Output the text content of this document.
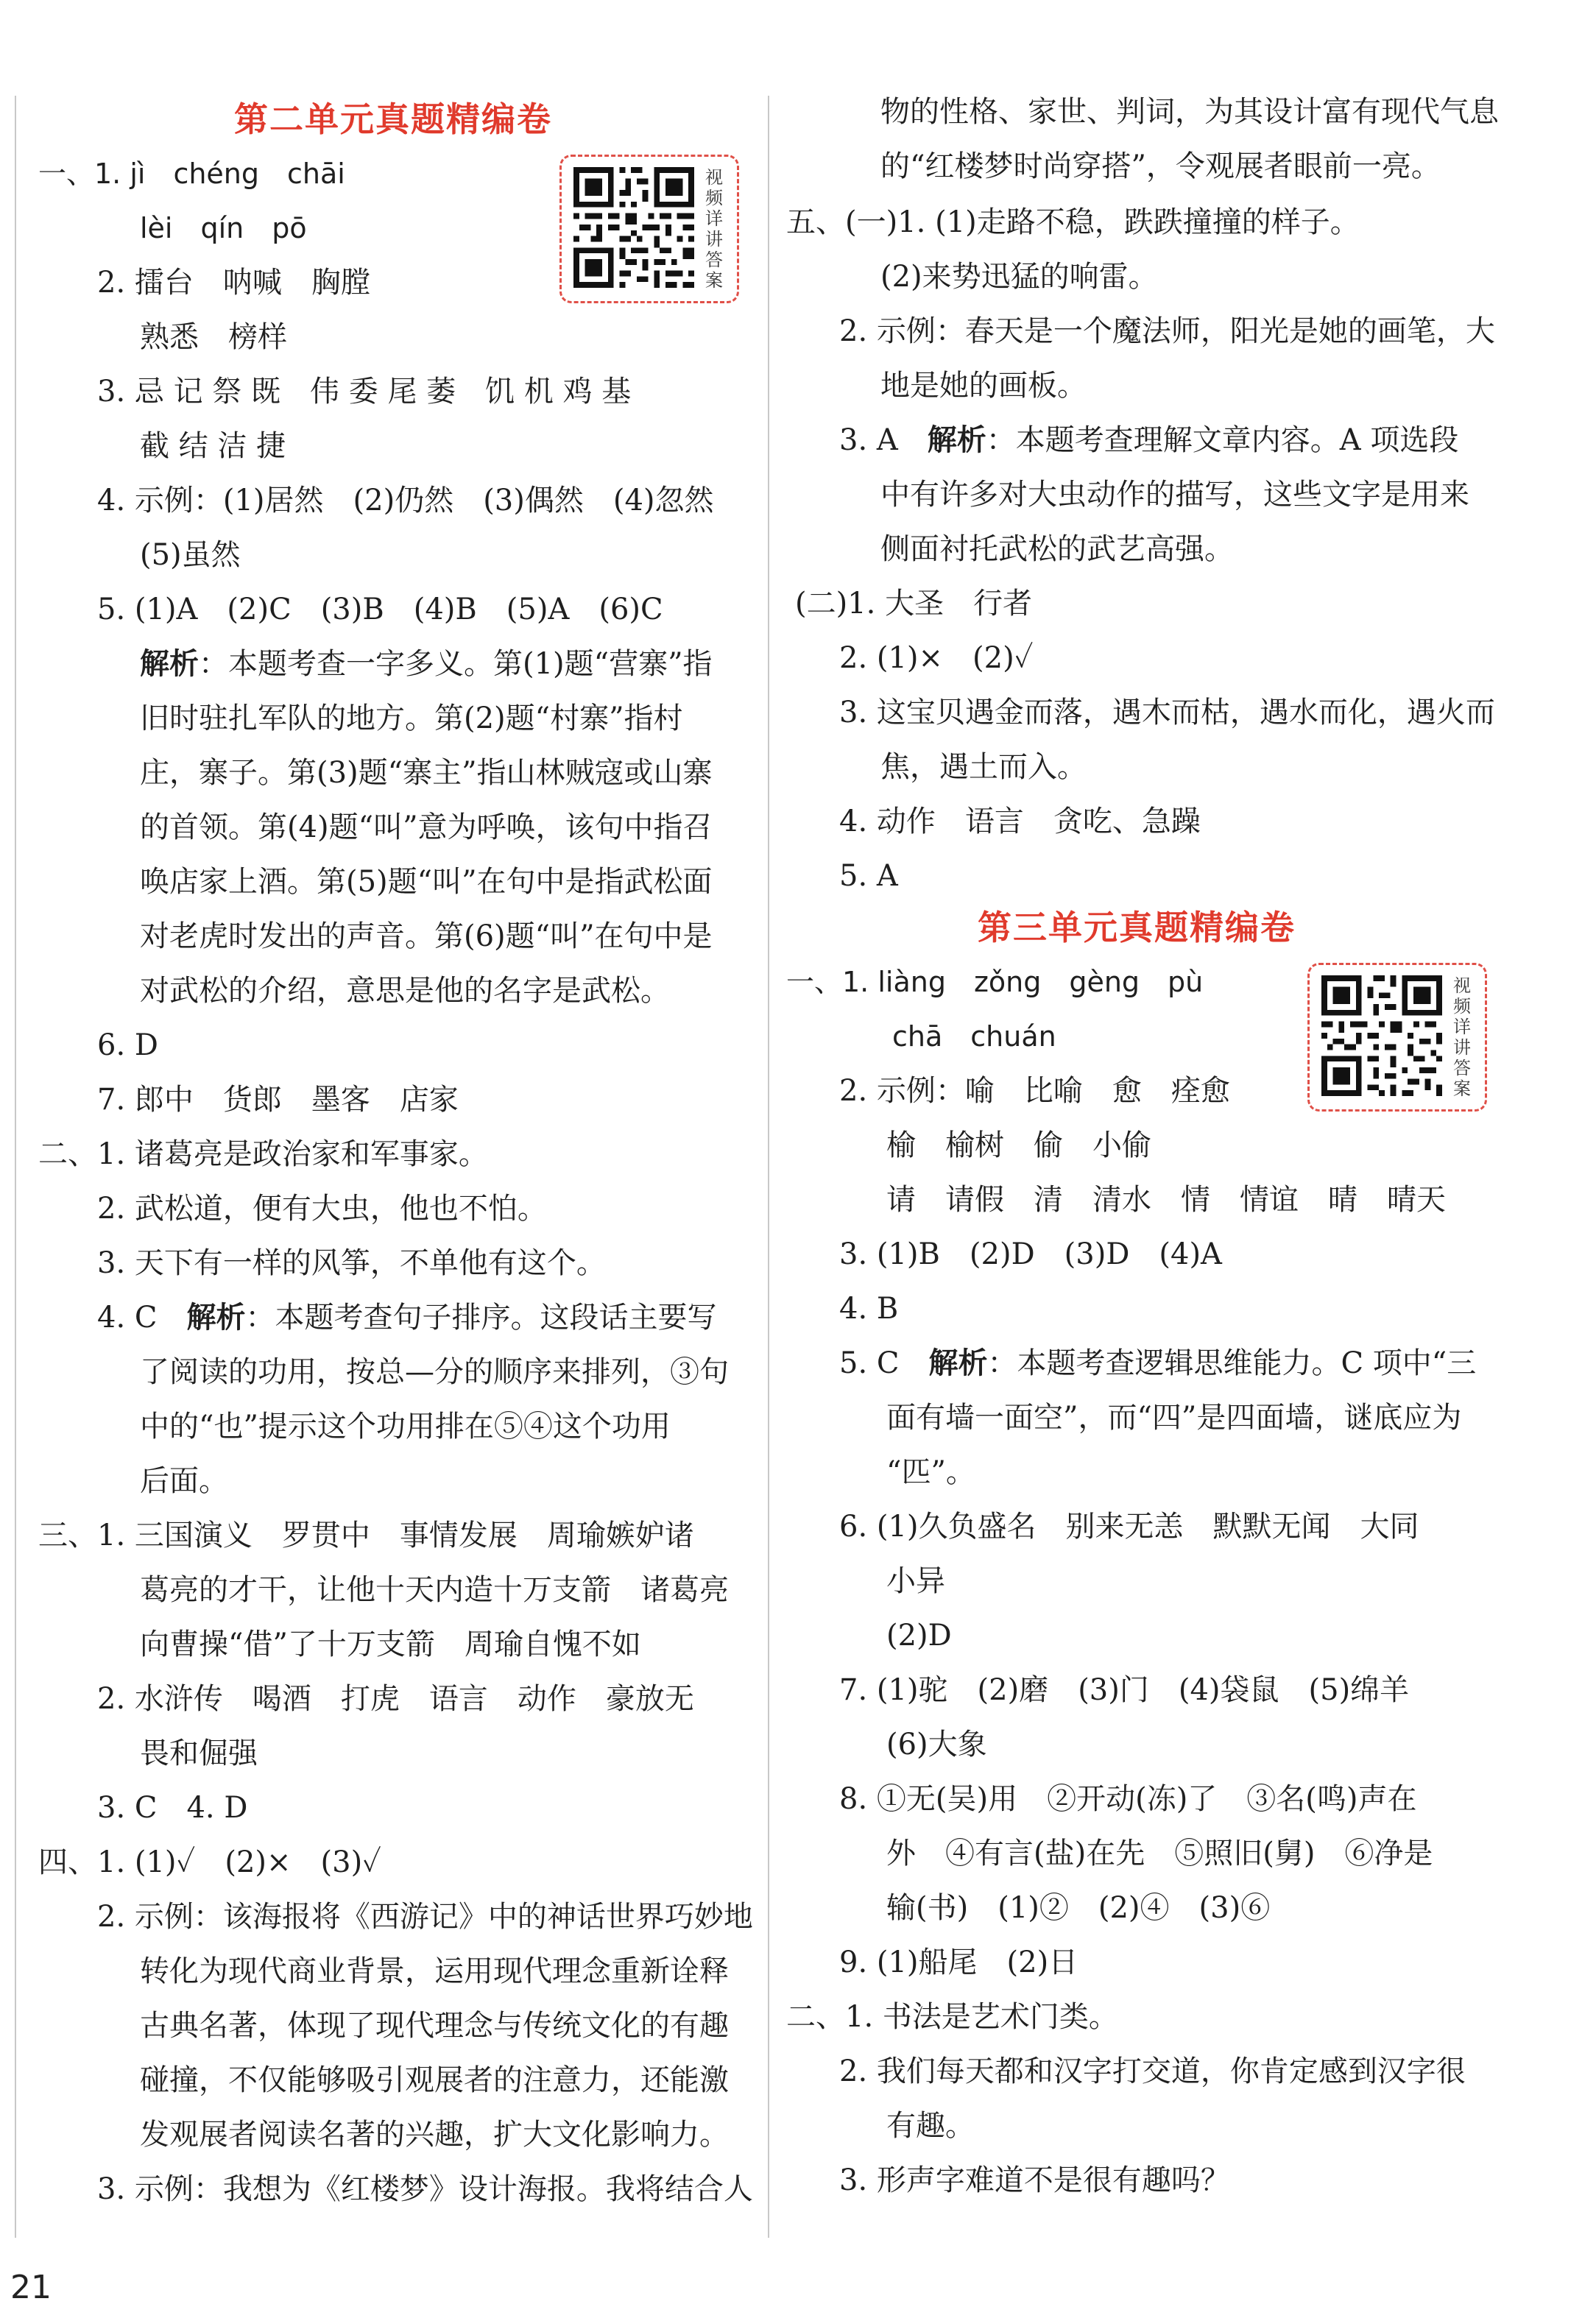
第二单元真题精编卷
视频详讲答案
一、1. jì　chéng　chāi
lèi　qín　pō
2. 擂台　呐喊　胸膛
熟悉　榜样
3. 忌 记 祭 既　伟 委 尾 萎　饥 机 鸡 基
截 结 洁 捷
4. 示例：(1)居然　(2)仍然　(3)偶然　(4)忽然
(5)虽然
5. (1)A　(2)C　(3)B　(4)B　(5)A　(6)C
解析：本题考查一字多义。第(1)题“营寨”指
旧时驻扎军队的地方。第(2)题“村寨”指村
庄，寨子。第(3)题“寨主”指山林贼寇或山寨
的首领。第(4)题“叫”意为呼唤，该句中指召
唤店家上酒。第(5)题“叫”在句中是指武松面
对老虎时发出的声音。第(6)题“叫”在句中是
对武松的介绍，意思是他的名字是武松。
6. D
7. 郎中　货郎　墨客　店家
二、1. 诸葛亮是政治家和军事家。
2. 武松道，便有大虫，他也不怕。
3. 天下有一样的风筝，不单他有这个。
4. C　解析：本题考查句子排序。这段话主要写
了阅读的功用，按总—分的顺序来排列，③句
中的“也”提示这个功用排在⑤④这个功用
后面。
三、1. 三国演义　罗贯中　事情发展　周瑜嫉妒诸
葛亮的才干，让他十天内造十万支箭　诸葛亮
向曹操“借”了十万支箭　周瑜自愧不如
2. 水浒传　喝酒　打虎　语言　动作　豪放无
畏和倔强
3. C　4. D
四、1. (1)✓　(2)×　(3)✓
2. 示例：该海报将《西游记》中的神话世界巧妙地
转化为现代商业背景，运用现代理念重新诠释
古典名著，体现了现代理念与传统文化的有趣
碰撞，不仅能够吸引观展者的注意力，还能激
发观展者阅读名著的兴趣，扩大文化影响力。
3. 示例：我想为《红楼梦》设计海报。我将结合人
物的性格、家世、判词，为其设计富有现代气息
的“红楼梦时尚穿搭”，令观展者眼前一亮。
五、(一)1. (1)走路不稳，跌跌撞撞的样子。
(2)来势迅猛的响雷。
2. 示例：春天是一个魔法师，阳光是她的画笔，大
地是她的画板。
3. A　解析：本题考查理解文章内容。A 项选段
中有许多对大虫动作的描写，这些文字是用来
侧面衬托武松的武艺高强。
(二)1. 大圣　行者
2. (1)×　(2)✓
3. 这宝贝遇金而落，遇木而枯，遇水而化，遇火而
焦，遇土而入。
4. 动作　语言　贪吃、急躁
5. A
第三单元真题精编卷
视频详讲答案
一、1. liàng　zǒng　gèng　pù
chā　chuán
2. 示例：喻　比喻　愈　痊愈
榆　榆树　偷　小偷
请　请假　清　清水　情　情谊　晴　晴天
3. (1)B　(2)D　(3)D　(4)A
4. B
5. C　解析：本题考查逻辑思维能力。C 项中“三
面有墙一面空”，而“四”是四面墙，谜底应为
“匹”。
6. (1)久负盛名　别来无恙　默默无闻　大同
小异
(2)D
7. (1)驼　(2)磨　(3)门　(4)袋鼠　(5)绵羊
(6)大象
8. ①无(吴)用　②开动(冻)了　③名(鸣)声在
外　④有言(盐)在先　⑤照旧(舅)　⑥净是
输(书)　(1)②　(2)④　(3)⑥
9. (1)船尾　(2)日
二、1. 书法是艺术门类。
2. 我们每天都和汉字打交道，你肯定感到汉字很
有趣。
3. 形声字难道不是很有趣吗？
21
